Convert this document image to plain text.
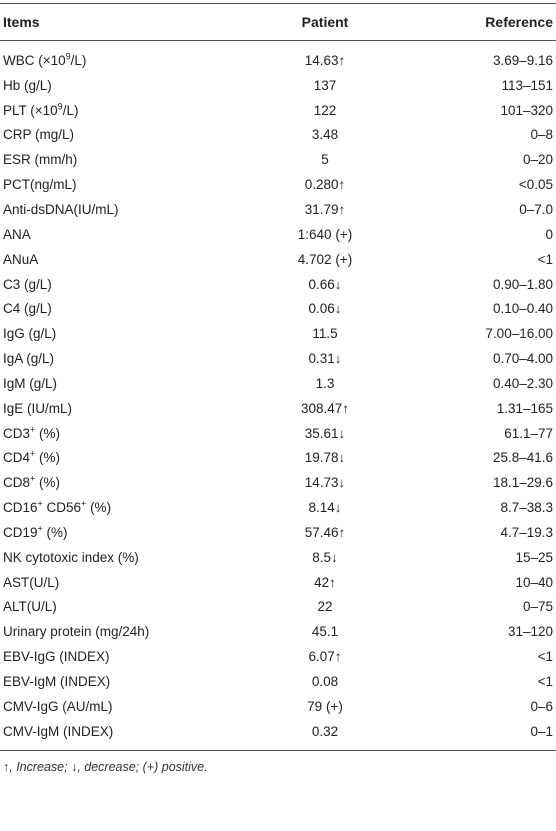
Items	Patient	Reference
WBC $(\times 10^9/L)$	14.63↑	3.69–9.16
Hb (g/L)	137	113–151
PLT $(\times 10^9/L)$	122	101–320
CRP (mg/L)	3.48	0–8
ESR (mm/h)	5	0–20
PCT(ng/mL)	0.280↑	<0.05
Anti-dsDNA(IU/mL)	31.79↑	0–7.0
ANA	1:640 (+)	0
ANuA	4.702 (+)	<1
C3 (g/L)	0.66↓	0.90–1.80
C4 (g/L)	0.06↓	0.10–0.40
IgG (g/L)	11.5	7.00–16.00
IgA (g/L)	0.31↓	0.70–4.00
IgM (g/L)	1.3	0.40–2.30
IgE (IU/mL)	308.47↑	1.31–165
CD3+ (%)	35.61↓	61.1–77
CD4+ (%)	19.78↓	25.8–41.6
CD8+ (%)	14.73↓	18.1–29.6
CD16+ CD56+ (%)	8.14↓	8.7–38.3
CD19+ (%)	57.46↑	4.7–19.3
NK cytotoxic index (%)	8.5↓	15–25
AST(U/L)	42↑	10–40
ALT(U/L)	22	0–75
Urinary protein (mg/24h)	45.1	31–120
EBV-IgG (INDEX)	6.07↑	<1
EBV-IgM (INDEX)	0.08	<1
CMV-IgG (AU/mL)	79 (+)	0–6
CMV-IgM (INDEX)	0.32	0–1
↑, Increase; ↓, decrease; (+) positive.
